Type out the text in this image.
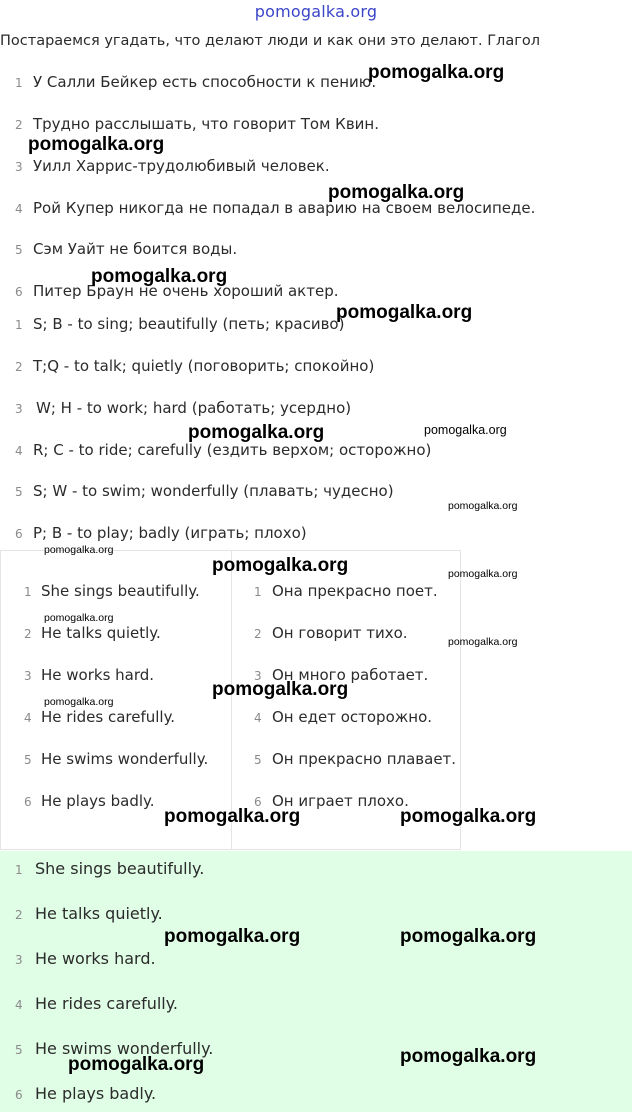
pomogalka.org
Постараемся угадать, что делают люди и как они это делают. Глагол
1 У Салли Бейкер есть способности к пению.
2 Трудно расслышать, что говорит Том Квин.
3 Уилл Харрис-трудолюбивый человек.
4 Рой Купер никогда не попадал в аварию на своем велосипеде.
5 Сэм Уайт не боится воды.
6 Питер Браун не очень хороший актер.
1 S; B - to sing; beautifully (петь; красиво)
2 T;Q - to talk; quietly (поговорить; спокойно)
3 W; H - to work; hard (работать; усердно)
4 R; C - to ride; carefully (ездить верхом; осторожно)
5 S; W - to swim; wonderfully (плавать; чудесно)
6 P; B - to play; badly (играть; плохо)
1 She sings beautifully.
2 He talks quietly.
3 He works hard.
4 He rides carefully.
5 He swims wonderfully.
6 He plays badly.
1 Она прекрасно поет.
2 Он говорит тихо.
3 Он много работает.
4 Он едет осторожно.
5 Он прекрасно плавает.
6 Он играет плохо.
1 She sings beautifully.
2 He talks quietly.
3 He works hard.
4 He rides carefully.
5 He swims wonderfully.
6 He plays badly.
pomogalka.org
pomogalka.org
pomogalka.org
pomogalka.org
pomogalka.org
pomogalka.org
pomogalka.org
pomogalka.org
pomogalka.org	pomogalka.org
pomogalka.org	pomogalka.org
pomogalka.org
pomogalka.org
pomogalka.org
pomogalka.org
pomogalka.org
pomogalka.org
pomogalka.org
pomogalka.org
pomogalka.org
